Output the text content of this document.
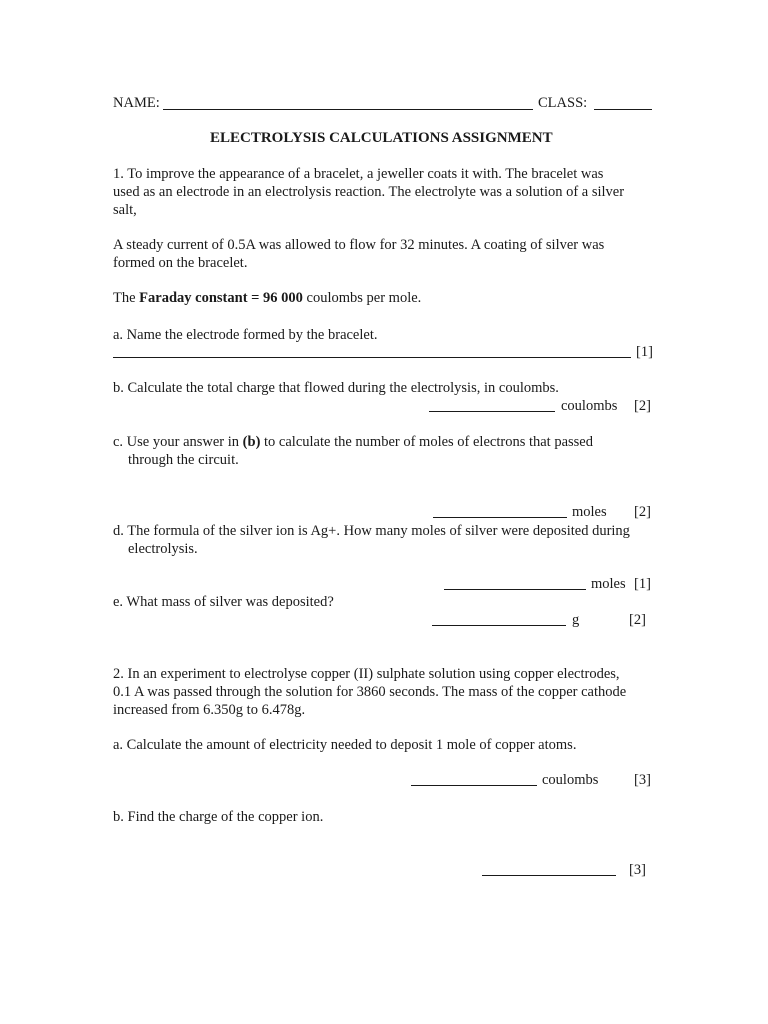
NAME:	CLASS:
ELECTROLYSIS CALCULATIONS ASSIGNMENT
1. To improve the appearance of a bracelet, a jeweller coats it with. The bracelet was
used as an electrode in an electrolysis reaction. The electrolyte was a solution of a silver
salt,
A steady current of 0.5A was allowed to flow for 32 minutes. A coating of silver was
formed on the bracelet.
The Faraday constant = 96 000 coulombs per mole.
a. Name the electrode formed by the bracelet.
[1]
b. Calculate the total charge that flowed during the electrolysis, in coulombs.
coulombs [2]
c. Use your answer in (b) to calculate the number of moles of electrons that passed
through the circuit.
moles [2]
d. The formula of the silver ion is Ag+. How many moles of silver were deposited during
electrolysis.
moles [1]
e. What mass of silver was deposited?
g	[2]
2. In an experiment to electrolyse copper (II) sulphate solution using copper electrodes,
0.1 A was passed through the solution for 3860 seconds. The mass of the copper cathode
increased from 6.350g to 6.478g.
a. Calculate the amount of electricity needed to deposit 1 mole of copper atoms.
coulombs [3]
b. Find the charge of the copper ion.
[3]
